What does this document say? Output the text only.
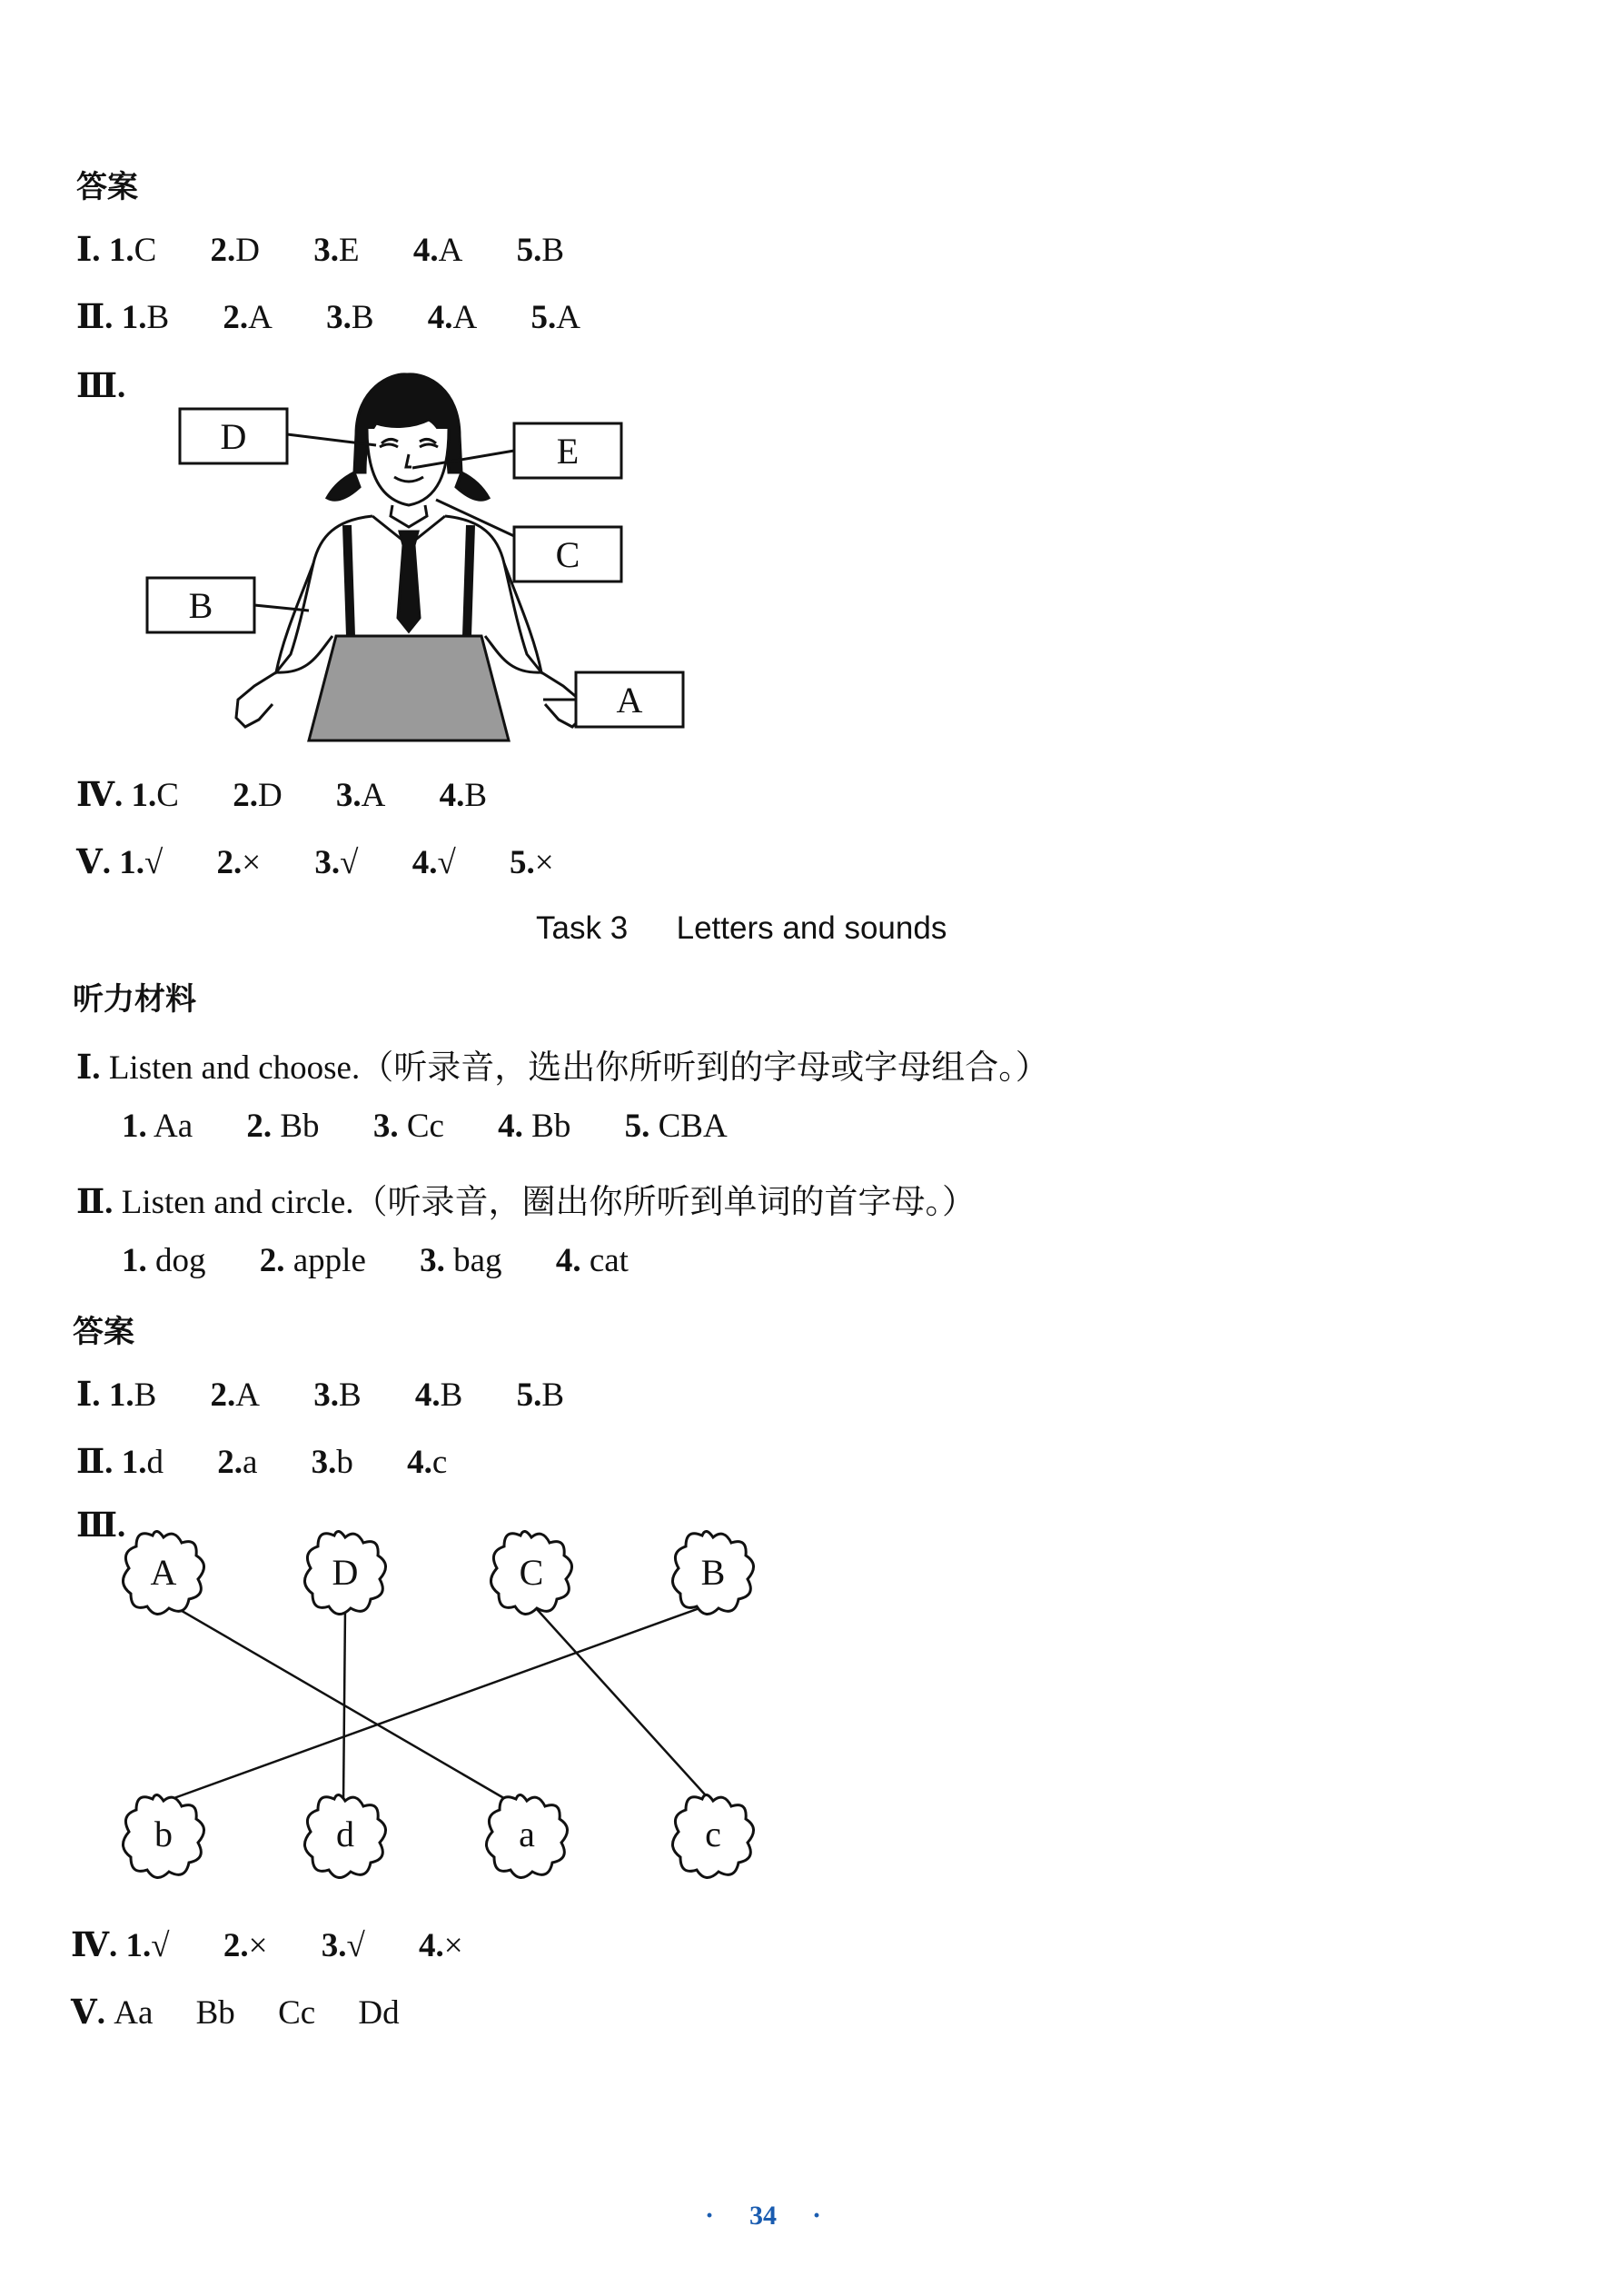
答案
Ⅰ. 1.C 2.D 3.E 4.A 5.B
Ⅱ. 1.B 2.A 3.B 4.A 5.A
Ⅲ.
D	E
C
B
A
Ⅳ. 1.C 2.D 3.A 4.B
Ⅴ. 1.√ 2.× 3.√ 4.√ 5.×
Task 3 Letters and sounds
听力材料
Ⅰ. Listen and choose.（听录音，选出你所听到的字母或字母组合。）
1. Aa 2. Bb 3. Cc 4. Bb 5. CBA
Ⅱ. Listen and circle.（听录音，圈出你所听到单词的首字母。）
1. dog 2. apple 3. bag 4. cat
答案
Ⅰ. 1.B 2.A 3.B 4.B 5.B
Ⅱ. 1.d 2.a 3.b 4.c
Ⅲ.
A	D	C	B
b	d	a	c
Ⅳ. 1.√ 2.× 3.√ 4.×
Ⅴ. Aa Bb Cc Dd
· 34 ·
